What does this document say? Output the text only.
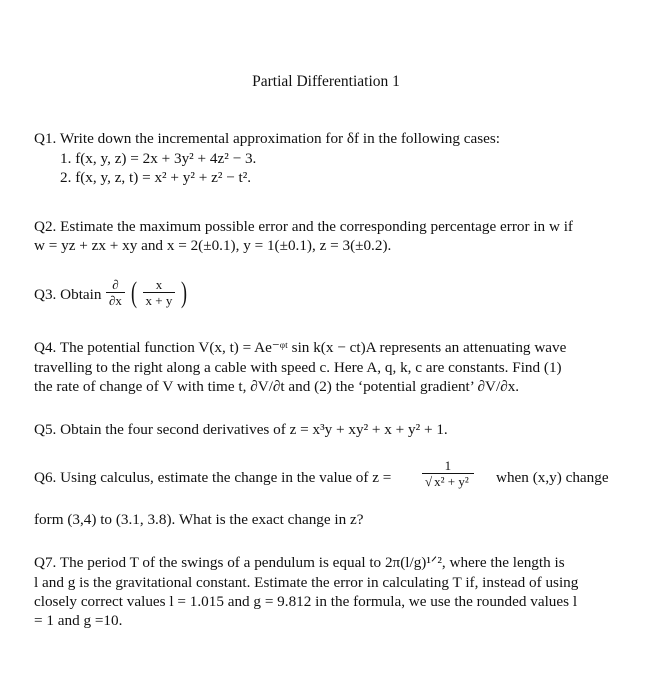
Partial Differentiation 1
Q1. Write down the incremental approximation for δf in the following cases:
1. f(x, y, z) = 2x + 3y² + 4z² − 3.
2. f(x, y, z, t) = x² + y² + z² − t².
Q2. Estimate the maximum possible error and the corresponding percentage error in w if
w = yz + zx + xy and x = 2(±0.1), y = 1(±0.1), z = 3(±0.2).
Q3. Obtain $\frac{\partial}{\partial x}$ ( $\frac{x}{x + y}$ )
Q4. The potential function V(x, t) = Ae⁻ᵠᵗ sin k(x − ct)A represents an attenuating wave
travelling to the right along a cable with speed c. Here A, q, k, c are constants. Find (1)
the rate of change of V with time t, ∂V/∂t and (2) the ‘potential gradient’ ∂V/∂x.
Q5. Obtain the four second derivatives of z = x³y + xy² + x + y² + 1.
Q6. Using calculus, estimate the change in the value of $z = \frac{1}{\text{√ x² + y²}}$ when (x,y) change
form (3,4) to (3.1, 3.8). What is the exact change in z?
Q7. The period T of the swings of a pendulum is equal to 2π(l/g)¹ᐟ², where the length is
l and g is the gravitational constant. Estimate the error in calculating T if, instead of using
closely correct values l = 1.015 and g = 9.812 in the formula, we use the rounded values l
= 1 and g =10.
